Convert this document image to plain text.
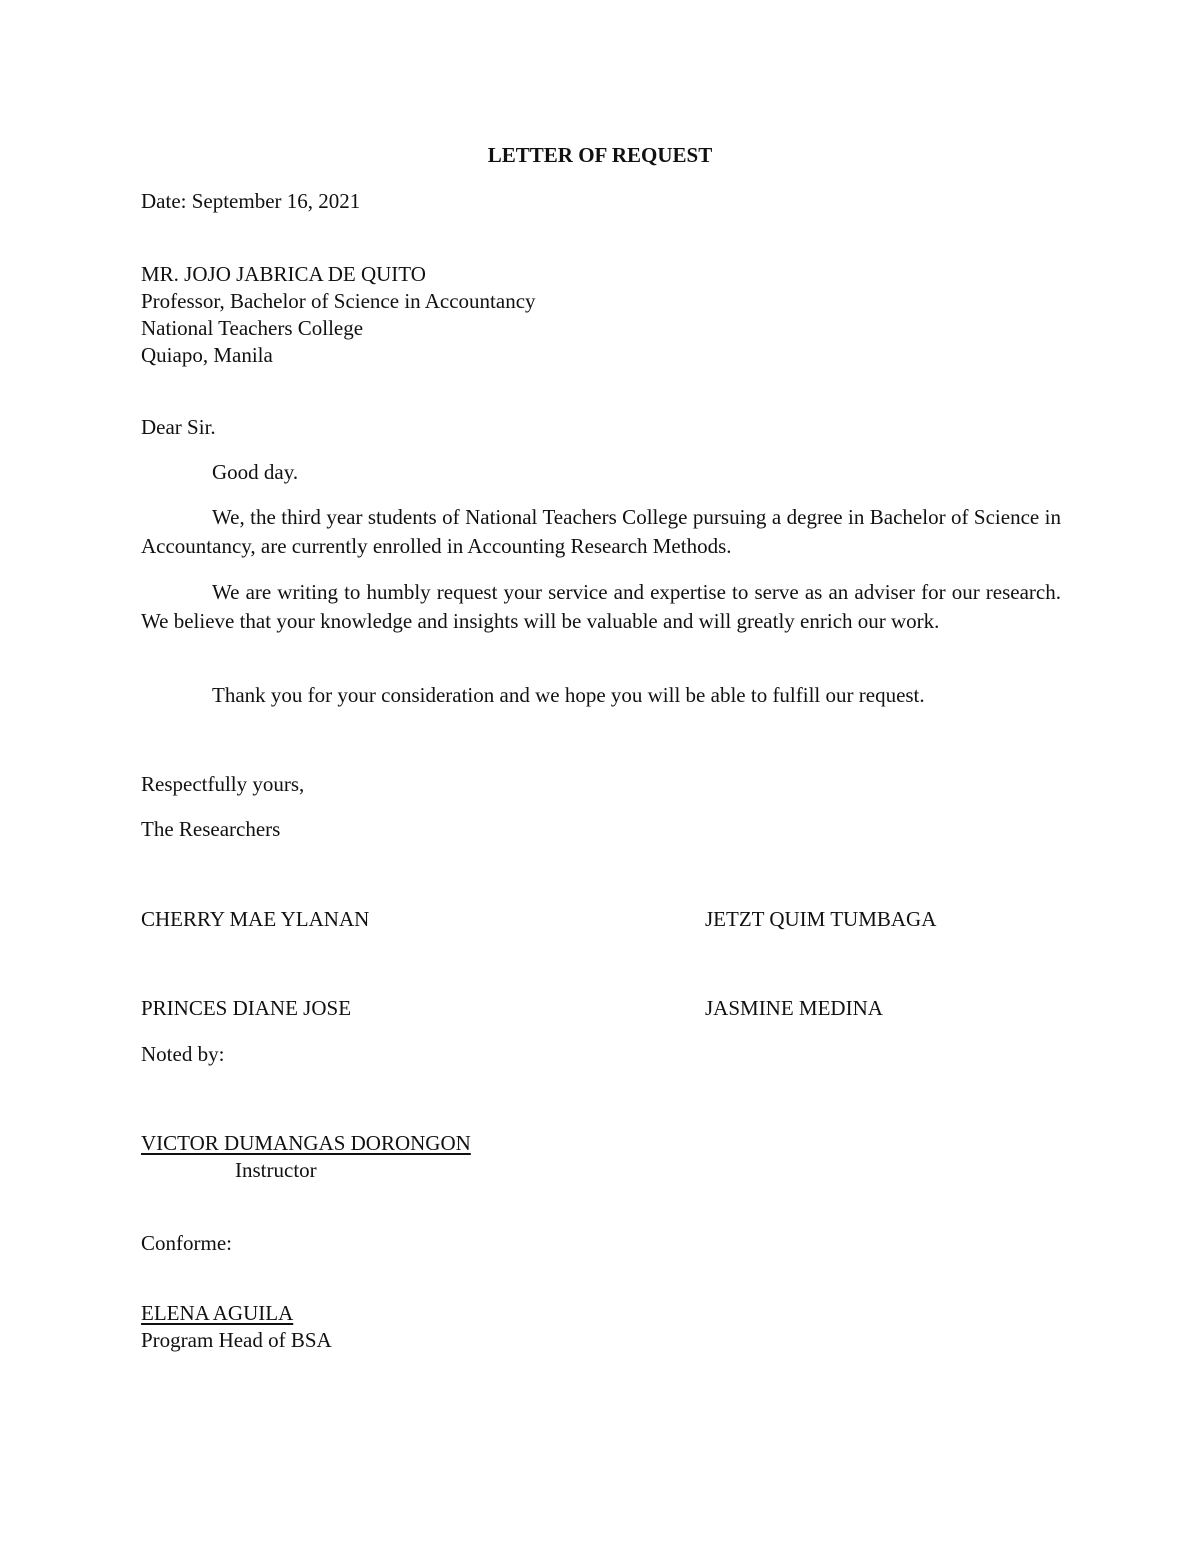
LETTER OF REQUEST
Date: September 16, 2021
MR. JOJO JABRICA DE QUITO
Professor, Bachelor of Science in Accountancy
National Teachers College
Quiapo, Manila
Dear Sir.
Good day.

We, the third year students of National Teachers College pursuing a degree in Bachelor of Science in Accountancy, are currently enrolled in Accounting Research Methods.

We are writing to humbly request your service and expertise to serve as an adviser for our research. We believe that your knowledge and insights will be valuable and will greatly enrich our work.

Thank you for your consideration and we hope you will be able to fulfill our request.

Respectfully yours,
The Researchers
CHERRY MAE YLANAN	JETZT QUIM TUMBAGA
PRINCES DIANE JOSE	JASMINE MEDINA
Noted by:
VICTOR DUMANGAS DORONGON
Instructor
Conforme:
ELENA AGUILA
Program Head of BSA
